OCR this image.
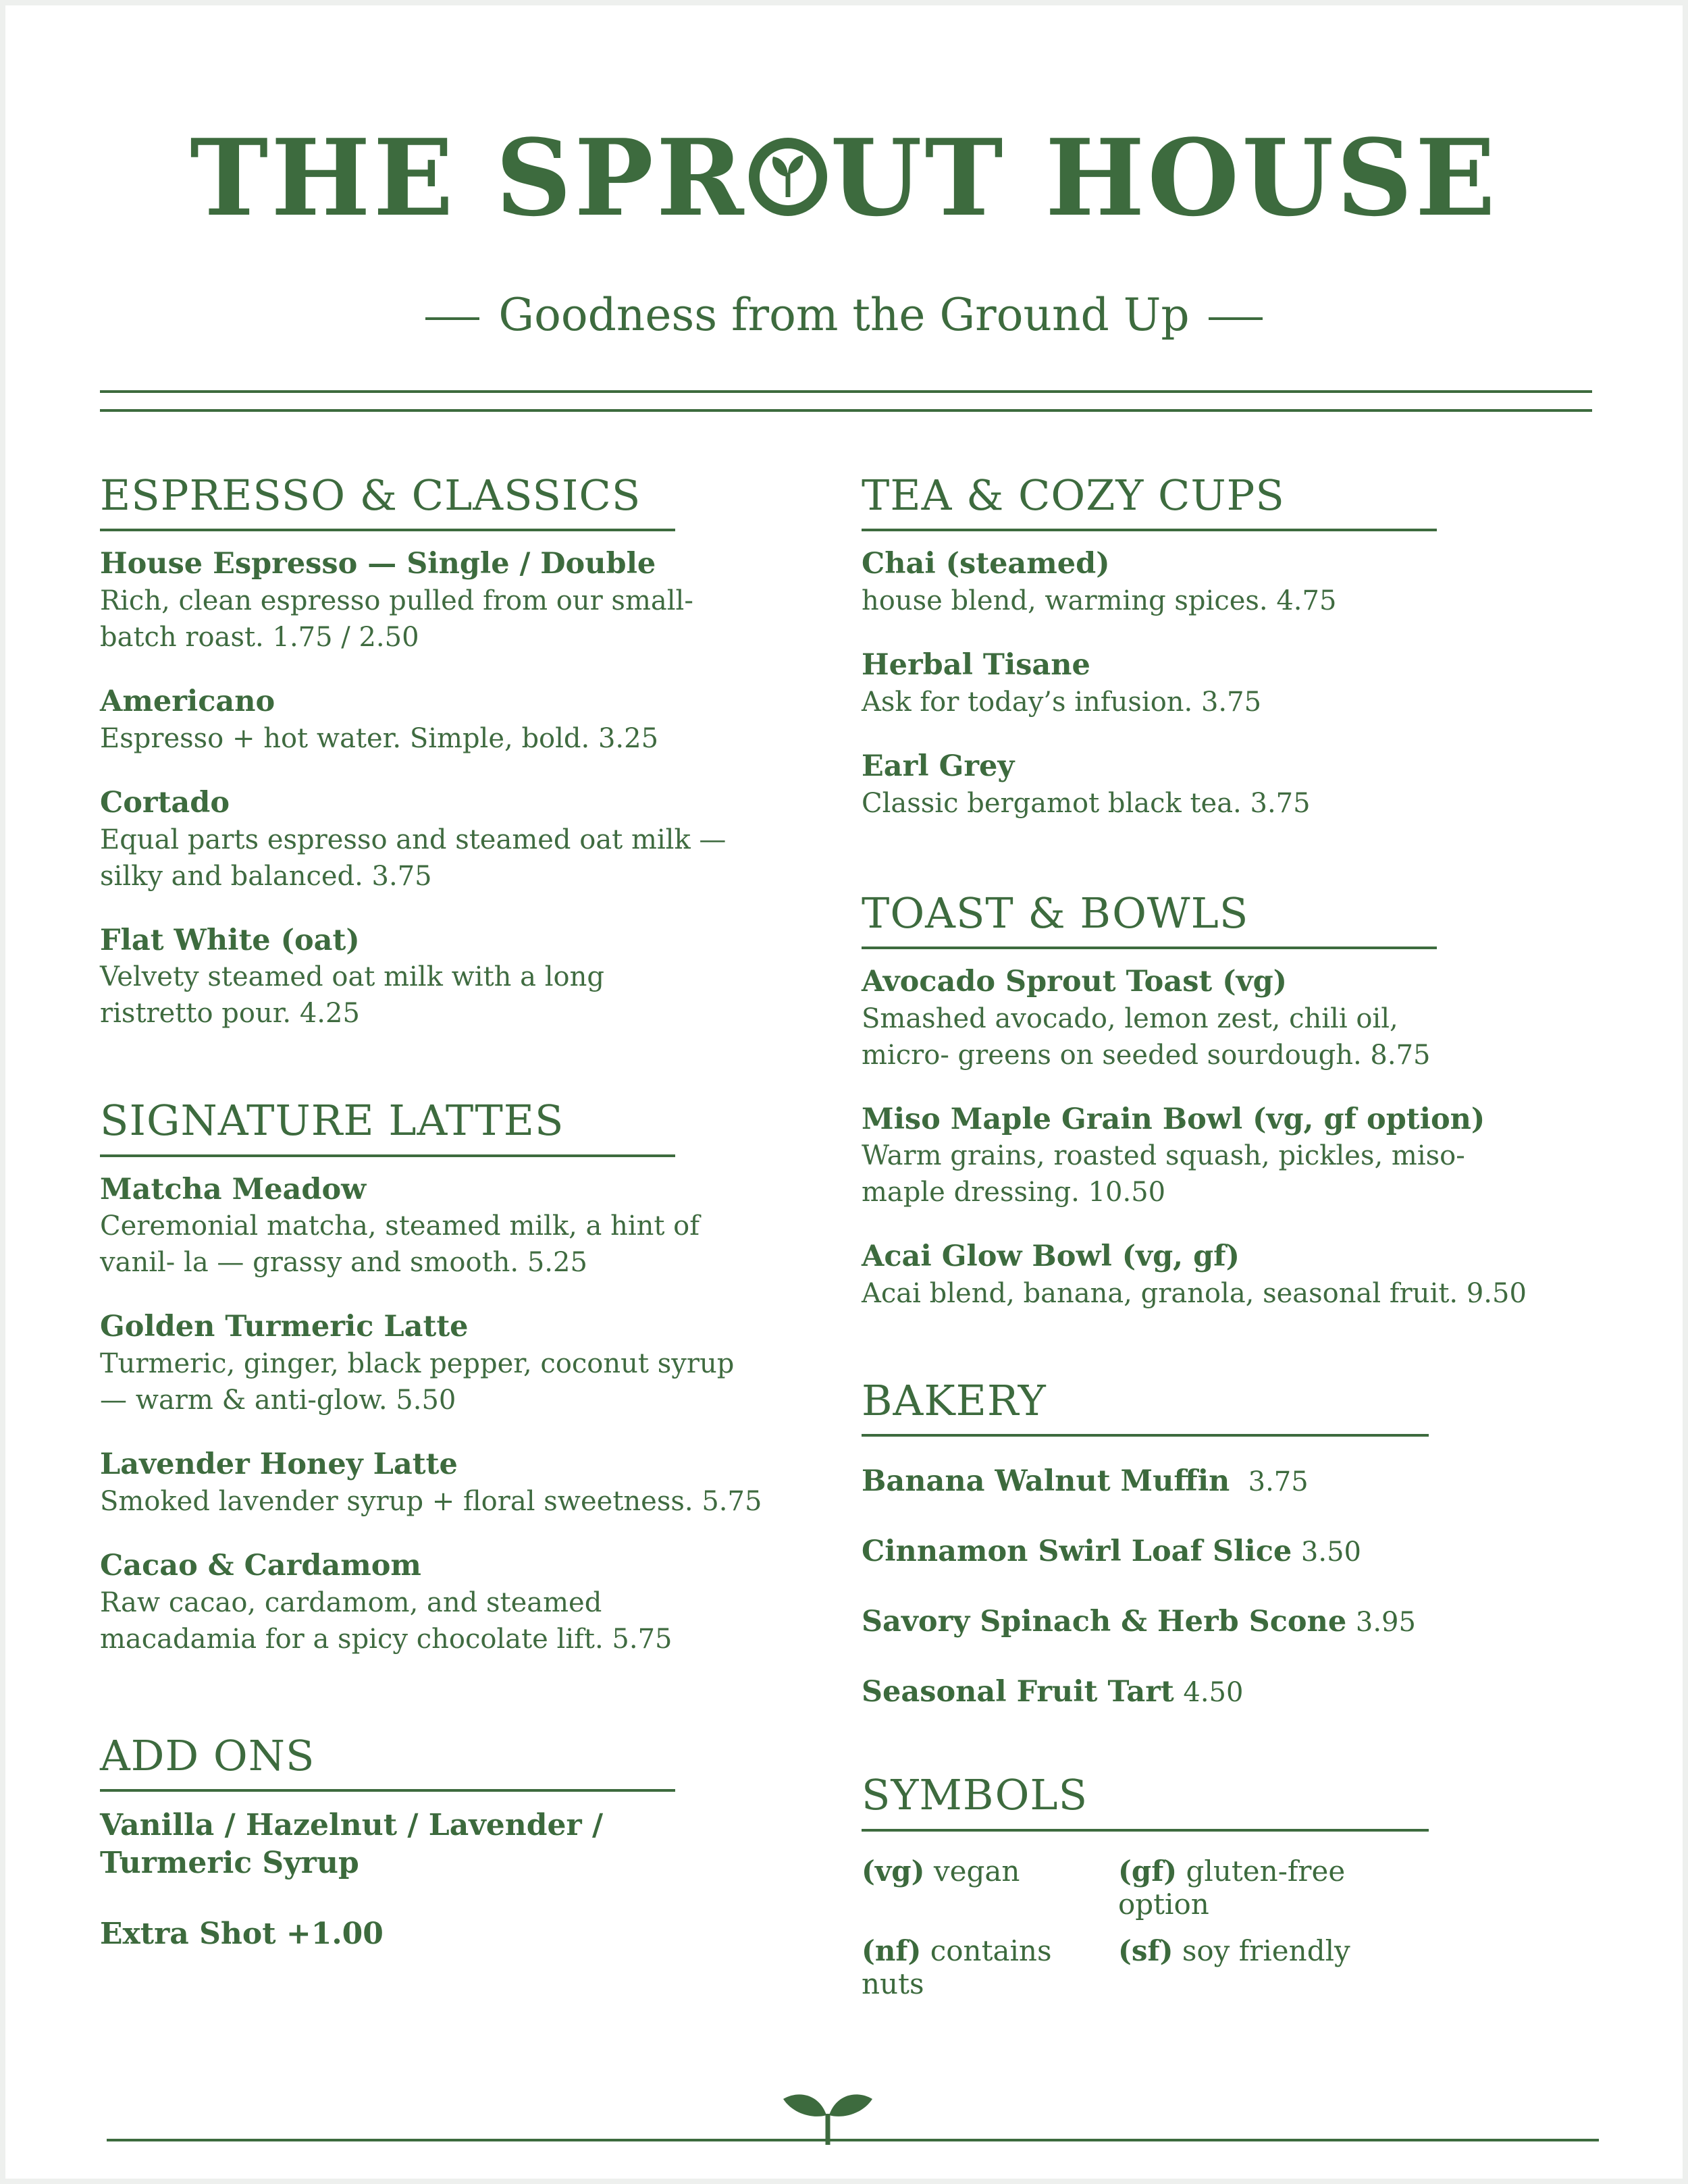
THE SPR UT HOUSE
Goodness from the Ground Up
ESPRESSO & CLASSICS
House Espresso — Single / Double
Rich, clean espresso pulled from our small-batch roast. 1.75 / 2.50
Americano
Espresso + hot water. Simple, bold. 3.25
Cortado
Equal parts espresso and steamed oat milk — silky and balanced. 3.75
Flat White (oat)
Velvety steamed oat milk with a long ristretto pour. 4.25
SIGNATURE LATTES
Matcha Meadow
Ceremonial matcha, steamed milk, a hint of vanil- la — grassy and smooth. 5.25
Golden Turmeric Latte
Turmeric, ginger, black pepper, coconut syrup — warm & anti-glow. 5.50
Lavender Honey Latte
Smoked lavender syrup + floral sweetness. 5.75
Cacao & Cardamom
Raw cacao, cardamom, and steamed macadamia for a spicy chocolate lift. 5.75
ADD ONS
Vanilla / Hazelnut / Lavender / Turmeric Syrup
Extra Shot +1.00
TEA & COZY CUPS
Chai (steamed)
house blend, warming spices. 4.75
Herbal Tisane
Ask for today’s infusion. 3.75
Earl Grey
Classic bergamot black tea. 3.75
TOAST & BOWLS
Avocado Sprout Toast (vg)
Smashed avocado, lemon zest, chili oil, micro- greens on seeded sourdough. 8.75
Miso Maple Grain Bowl (vg, gf option)
Warm grains, roasted squash, pickles, miso-maple dressing. 10.50
Acai Glow Bowl (vg, gf)
Acai blend, banana, granola, seasonal fruit. 9.50
BAKERY
Banana Walnut Muffin 3.75
Cinnamon Swirl Loaf Slice 3.50
Savory Spinach & Herb Scone 3.95
Seasonal Fruit Tart 4.50
SYMBOLS
(vg) vegan	(gf) gluten-free option
(nf) contains nuts
(sf) soy friendly
